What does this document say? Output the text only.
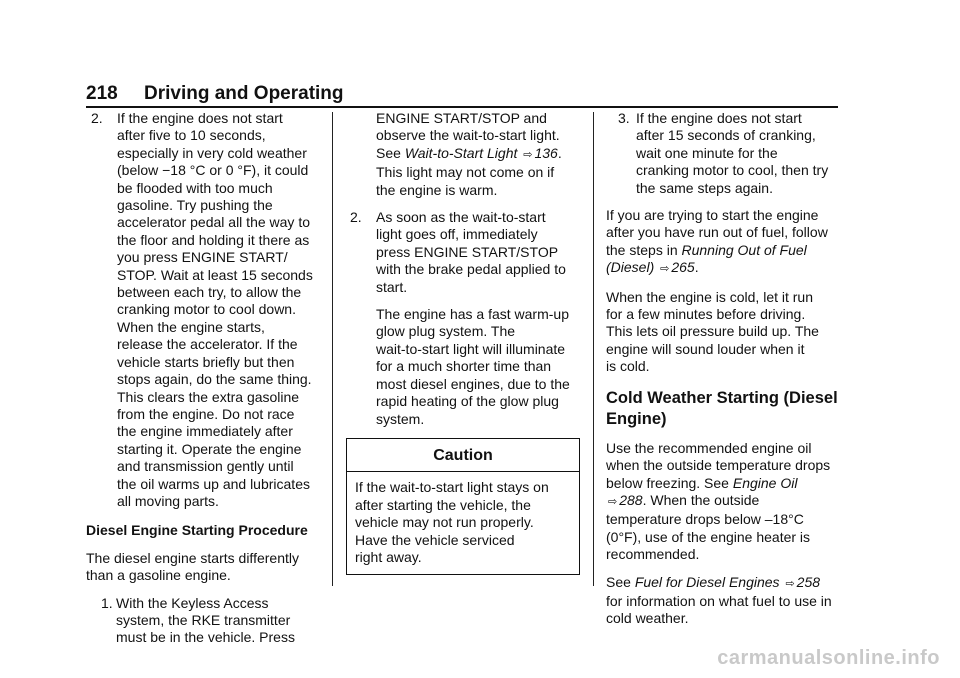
218 Driving and Operating
2. If the engine does not start

after five to 10 seconds,

especially in very cold weather

(below −18 °C or 0 °F), it could

be flooded with too much

gasoline. Try pushing the

accelerator pedal all the way to

the floor and holding it there as

you press ENGINE START/

STOP. Wait at least 15 seconds

between each try, to allow the

cranking motor to cool down.

When the engine starts,

release the accelerator. If the

vehicle starts briefly but then

stops again, do the same thing.

This clears the extra gasoline

from the engine. Do not race

the engine immediately after

starting it. Operate the engine

and transmission gently until

the oil warms up and lubricates

all moving parts.

Diesel Engine Starting Procedure

The diesel engine starts differently

than a gasoline engine.

1. With the Keyless Access

system, the RKE transmitter

must be in the vehicle. Press

ENGINE START/STOP and

observe the wait-to-start light.

See Wait-to-Start Light ⇨ 136.

This light may not come on if

the engine is warm.

2. As soon as the wait-to-start

light goes off, immediately

press ENGINE START/STOP

with the brake pedal applied to

start.

The engine has a fast warm-up

glow plug system. The

wait-to-start light will illuminate

for a much shorter time than

most diesel engines, due to the

rapid heating of the glow plug

system.

Caution

If the wait-to-start light stays on

after starting the vehicle, the

vehicle may not run properly.

Have the vehicle serviced

right away.

3. If the engine does not start

after 15 seconds of cranking,

wait one minute for the

cranking motor to cool, then try

the same steps again.

If you are trying to start the engine

after you have run out of fuel, follow

the steps in Running Out of Fuel

(Diesel) ⇨ 265.

When the engine is cold, let it run

for a few minutes before driving.

This lets oil pressure build up. The

engine will sound louder when it

is cold.

Cold Weather Starting (Diesel

Engine)

Use the recommended engine oil

when the outside temperature drops

below freezing. See Engine Oil

⇨ 288. When the outside

temperature drops below –18°C

(0°F), use of the engine heater is

recommended.

See Fuel for Diesel Engines ⇨ 258

for information on what fuel to use in

cold weather.

carmanualsonline.info
